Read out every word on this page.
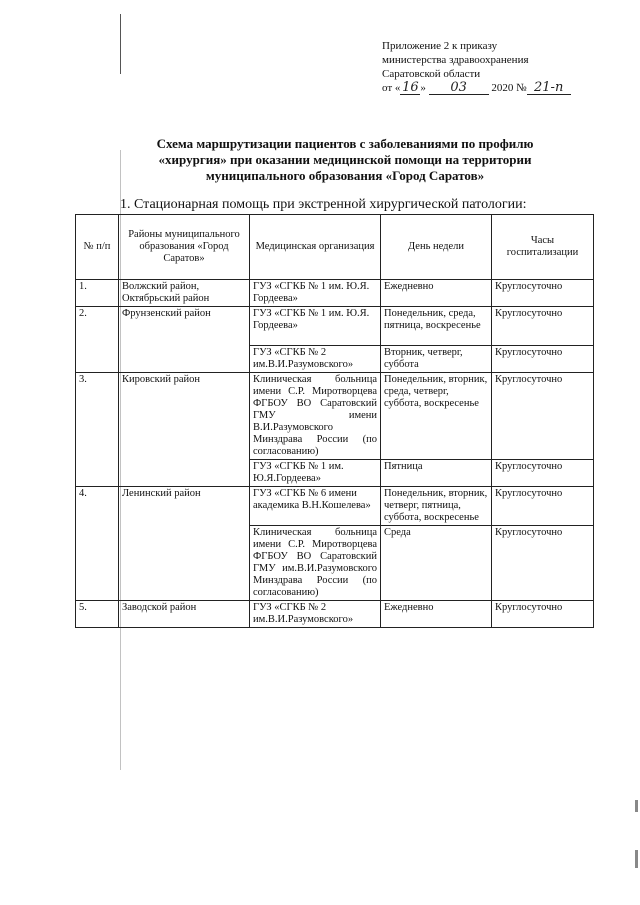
Приложение 2 к приказу
министерства здравоохранения
Саратовской области
от « 16 » 03 2020 № 21-п
Схема маршрутизации пациентов с заболеваниями по профилю
«хирургия» при оказании медицинской помощи на территории
муниципального образования «Город Саратов»
1. Стационарная помощь при экстренной хирургической патологии:
№ п/п	Районы муниципального образования «Город Саратов»	Медицинская организация	День недели	Часы госпитализации
1.	Волжский район, Октябрьский район	ГУЗ «СГКБ № 1 им. Ю.Я. Гордеева»	Ежедневно	Круглосуточно
2.	Фрунзенский район	ГУЗ «СГКБ № 1 им. Ю.Я. Гордеева»	Понедельник, среда, пятница, воскресенье	Круглосуточно
		ГУЗ «СГКБ № 2 им.В.И.Разумовского»	Вторник, четверг, суббота	Круглосуточно
3.	Кировский район	Клиническая больница имени С.Р. Миротворцева ФГБОУ ВО Саратовский ГМУ имени В.И.Разумовского Минздрава России (по согласованию)	Понедельник, вторник, среда, четверг, суббота, воскресенье	Круглосуточно
		ГУЗ «СГКБ № 1 им. Ю.Я.Гордеева»	Пятница	Круглосуточно
4.	Ленинский район	ГУЗ «СГКБ № 6 имени академика В.Н.Кошелева»	Понедельник, вторник, четверг, пятница, суббота, воскресенье	Круглосуточно
		Клиническая больница имени С.Р. Миротворцева ФГБОУ ВО Саратовский ГМУ им.В.И.Разумовского Минздрава России (по согласованию)	Среда	Круглосуточно
5.	Заводской район	ГУЗ «СГКБ № 2 им.В.И.Разумовского»	Ежедневно	Круглосуточно
